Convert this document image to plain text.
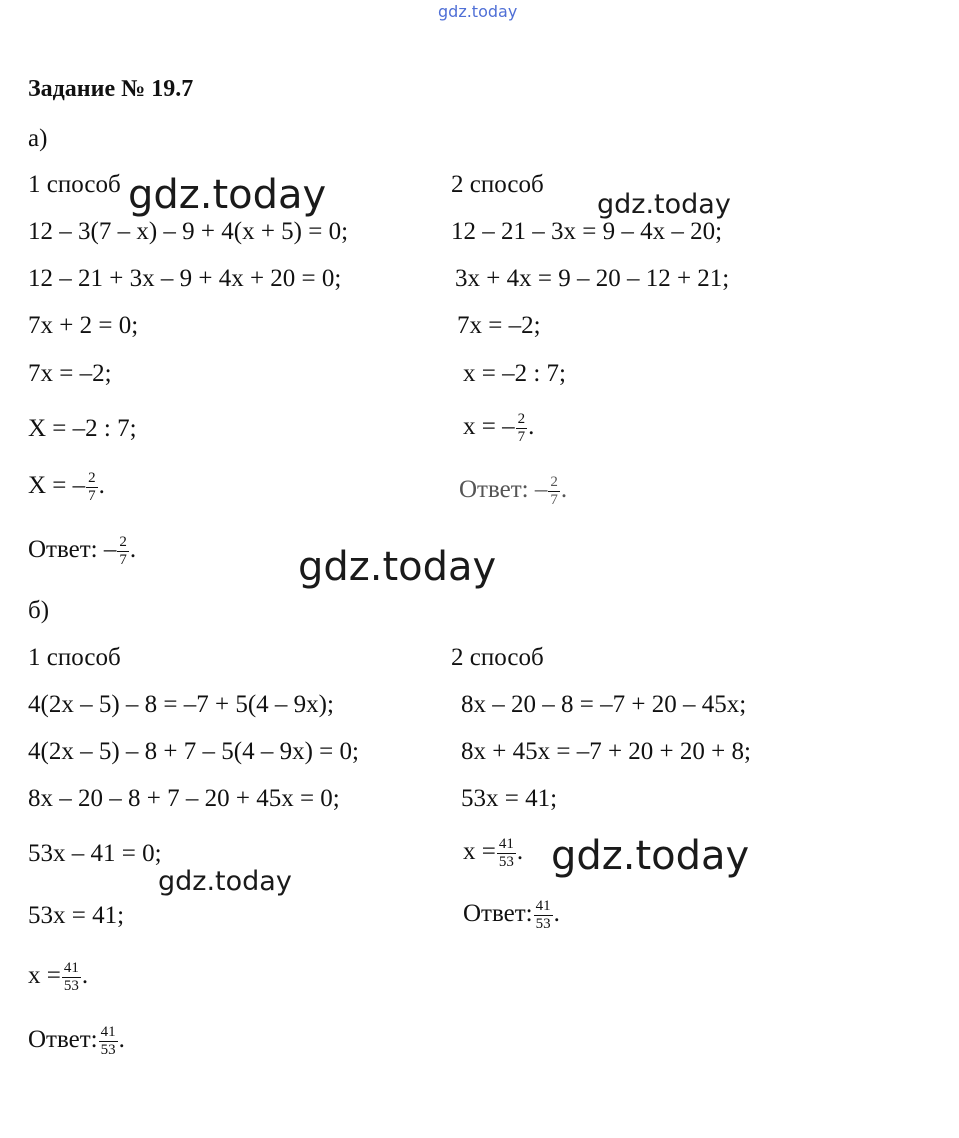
gdz.today
Задание № 19.7
а)
1 способ
12 – 3(7 – x) – 9 + 4(x + 5) = 0;
12 – 21 + 3x – 9 + 4x + 20 = 0;
7x + 2 = 0;
7x = –2;
X = –2 : 7;
X = – $\frac{2}{7}$ .
Ответ: – $\frac{2}{7}$ .
2 способ
12 – 21 – 3x = 9 – 4x – 20;
3x + 4x = 9 – 20 – 12 + 21;
7x = –2;
x = –2 : 7;
x = – $\frac{2}{7}$ .
Ответ: – $\frac{2}{7}$ .
б)
1 способ
4(2x – 5) – 8 = –7 + 5(4 – 9x);
4(2x – 5) – 8 + 7 – 5(4 – 9x) = 0;
8x – 20 – 8 + 7 – 20 + 45x = 0;
53x – 41 = 0;
53x = 41;
$x = \frac{41}{53}$ .
Ответ: $\frac{41}{53}$ .
2 способ
8x – 20 – 8 = –7 + 20 – 45x;
8x + 45x = –7 + 20 + 20 + 8;
53x = 41;
$x = \frac{41}{53}$ .
Ответ: $\frac{41}{53}$ .
gdz.today	gdz.today
gdz.today
gdz.today
gdz.today
